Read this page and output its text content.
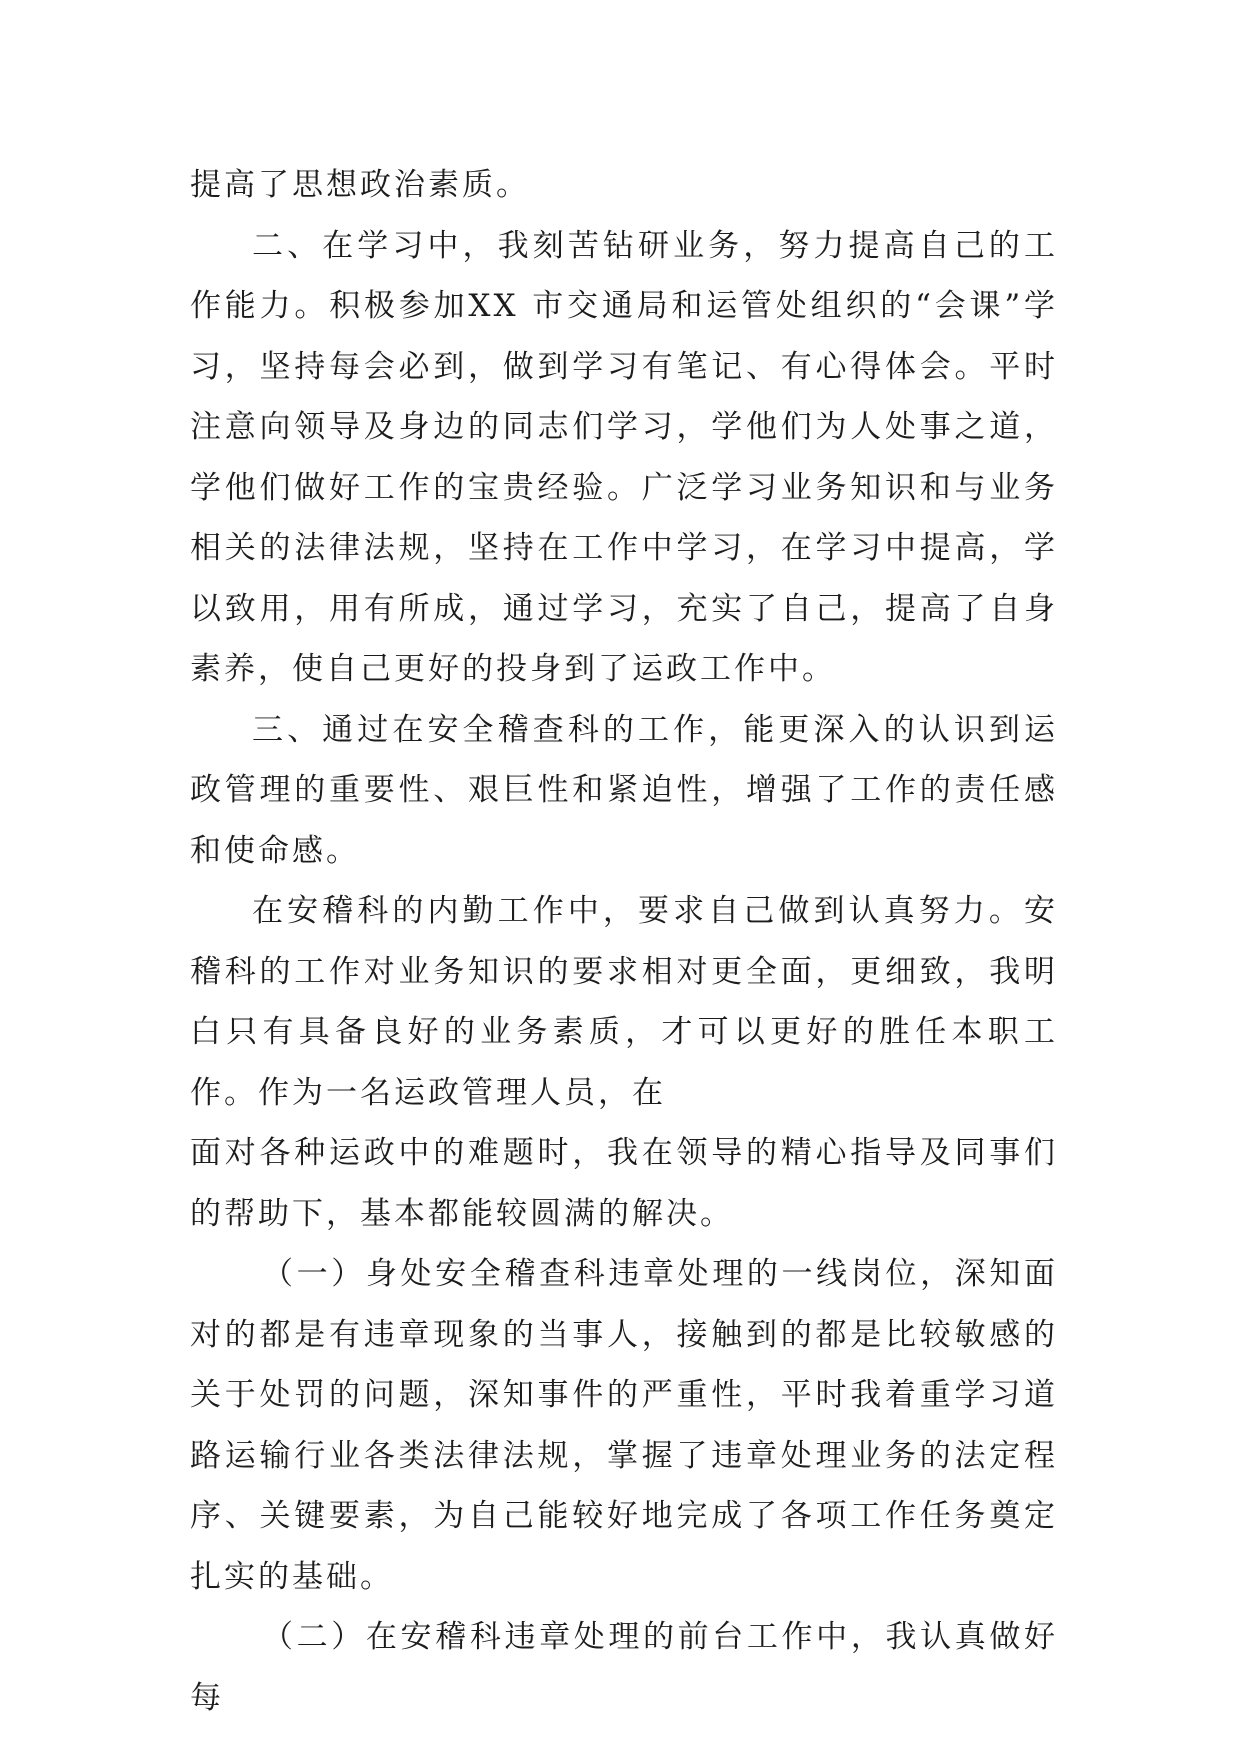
提高了思想政治素质。

二、在学习中，我刻苦钻研业务，努力提高自己的工作能力。积极参加XX 市交通局和运管处组织的“会课”学习，坚持每会必到，做到学习有笔记、有心得体会。平时注意向领导及身边的同志们学习，学他们为人处事之道，学他们做好工作的宝贵经验。广泛学习业务知识和与业务相关的法律法规，坚持在工作中学习，在学习中提高，学以致用，用有所成，通过学习，充实了自己，提高了自身素养，使自己更好的投身到了运政工作中。

三、通过在安全稽查科的工作，能更深入的认识到运政管理的重要性、艰巨性和紧迫性，增强了工作的责任感和使命感。

在安稽科的内勤工作中，要求自己做到认真努力。安稽科的工作对业务知识的要求相对更全面，更细致，我明白只有具备良好的业务素质，才可以更好的胜任本职工作。作为一名运政管理人员，在

面对各种运政中的难题时，我在领导的精心指导及同事们的帮助下，基本都能较圆满的解决。

（一）身处安全稽查科违章处理的一线岗位，深知面对的都是有违章现象的当事人，接触到的都是比较敏感的关于处罚的问题，深知事件的严重性，平时我着重学习道路运输行业各类法律法规，掌握了违章处理业务的法定程序、关键要素，为自己能较好地完成了各项工作任务奠定扎实的基础。

（二）在安稽科违章处理的前台工作中，我认真做好每
